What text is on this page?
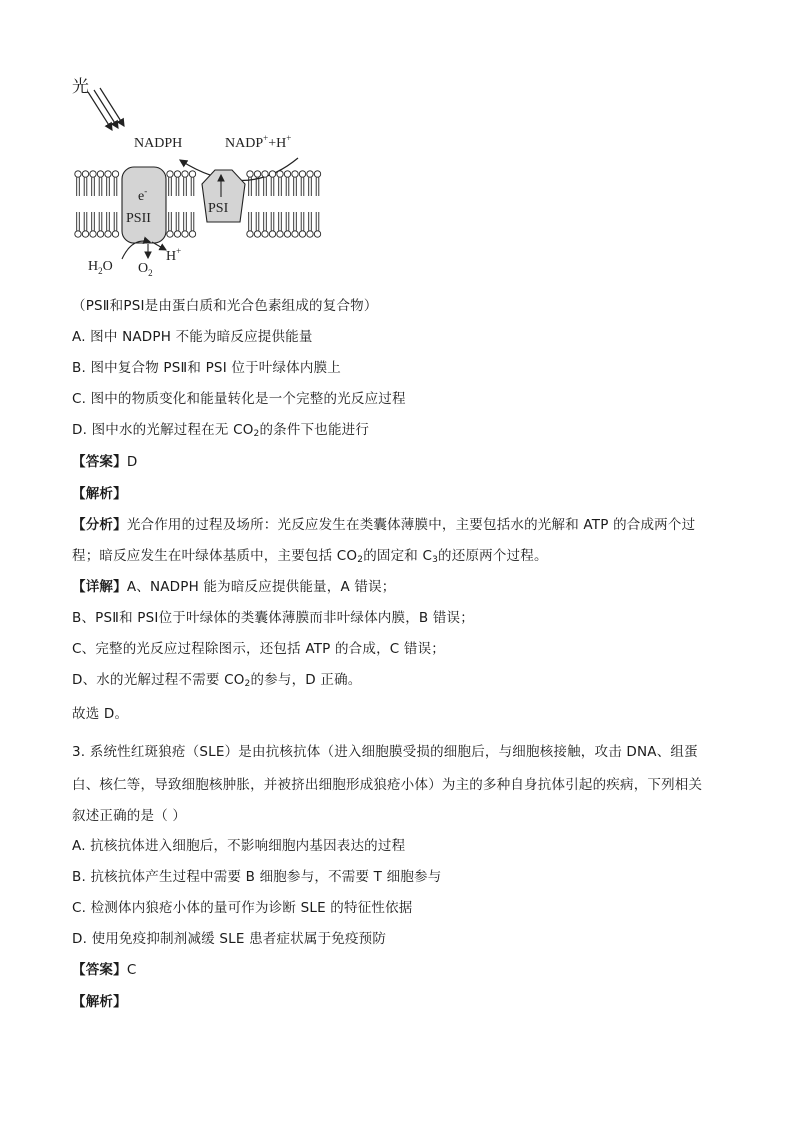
光
NADPH	NADP++H+
e-
PSII
PSI
$H_2O$ $O_2$
H+
（PSⅡ和PSⅠ是由蛋白质和光合色素组成的复合物）
A. 图中 NADPH 不能为暗反应提供能量
B. 图中复合物 PSⅡ和 PSI 位于叶绿体内膜上
C. 图中的物质变化和能量转化是一个完整的光反应过程
D. 图中水的光解过程在无 $CO_2$的条件下也能进行
【答案】D
【解析】
【分析】光合作用的过程及场所：光反应发生在类囊体薄膜中，主要包括水的光解和 ATP 的合成两个过
程；暗反应发生在叶绿体基质中，主要包括 $CO_2$的固定和 $C_3$的还原两个过程。
【详解】A、NADPH 能为暗反应提供能量，A 错误；
B、PSⅡ和 PSⅠ位于叶绿体的类囊体薄膜而非叶绿体内膜，B 错误；
C、完整的光反应过程除图示，还包括 ATP 的合成，C 错误；
D、水的光解过程不需要 $CO_2$的参与，D 正确。
故选 D。
3. 系统性红斑狼疮（SLE）是由抗核抗体（进入细胞膜受损的细胞后，与细胞核接触，攻击 DNA、组蛋
白、核仁等，导致细胞核肿胀，并被挤出细胞形成狼疮小体）为主的多种自身抗体引起的疾病，下列相关
叙述正确的是（ ）
A. 抗核抗体进入细胞后，不影响细胞内基因表达的过程
B. 抗核抗体产生过程中需要 B 细胞参与，不需要 T 细胞参与
C. 检测体内狼疮小体的量可作为诊断 SLE 的特征性依据
D. 使用免疫抑制剂减缓 SLE 患者症状属于免疫预防
【答案】C
【解析】
